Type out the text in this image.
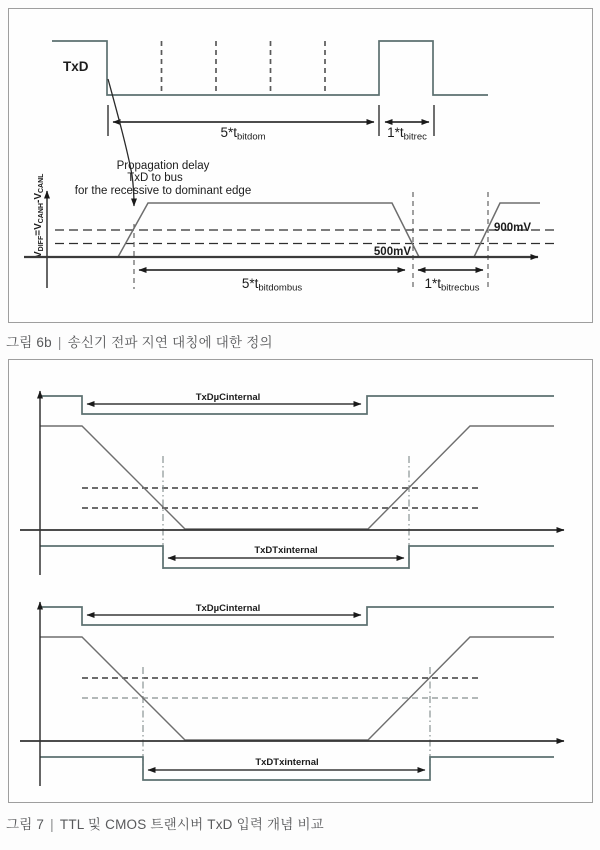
5*tbitdom	1*tbitrec
TxD
$V_{DIFF}=V_{CANH}-V_{CANL}$
Propagation delay
TxD to bus
for the recessive to dominant edge
500mV
900mV
5*tbitdombus	1*tbitrecbus
TxDµCinternal
TxDTxinternal
TxDµCinternal
TxDTxinternal
그림 6b | 송신기 전파 지연 대칭에 대한 정의
그림 7 | TTL 및 CMOS 트랜시버 TxD 입력 개념 비교
